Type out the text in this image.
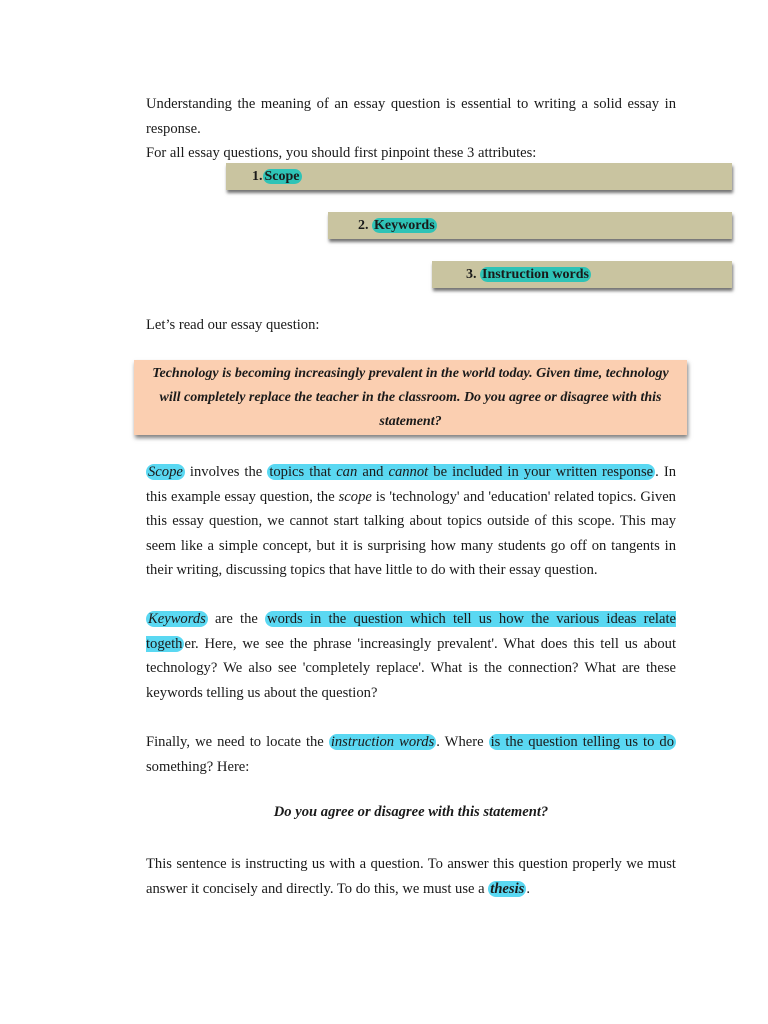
Understanding the meaning of an essay question is essential to writing a solid essay in response.
For all essay questions, you should first pinpoint these 3 attributes:

1. Scope
2. Keywords
3. Instruction words

Let’s read our essay question:

Technology is becoming increasingly prevalent in the world today. Given time, technology

will completely replace the teacher in the classroom. Do you agree or disagree with this

statement?

Scope involves the topics that can and cannot be included in your written response . In this example essay question, the scope is 'technology' and 'education' related topics. Given this essay question, we cannot start talking about topics outside of this scope. This may seem like a simple concept, but it is surprising how many students go off on tangents in their writing, discussing topics that have little to do with their essay question.

Keywords are the words in the question which tell us how the various ideas relate togeth er. Here, we see the phrase 'increasingly prevalent'. What does this tell us about technology? We also see 'completely replace'. What is the connection? What are these keywords telling us about the question?

Finally, we need to locate the instruction words . Where is the question telling us to do something? Here:

Do you agree or disagree with this statement?

This sentence is instructing us with a question. To answer this question properly we must answer it concisely and directly. To do this, we must use a thesis .
